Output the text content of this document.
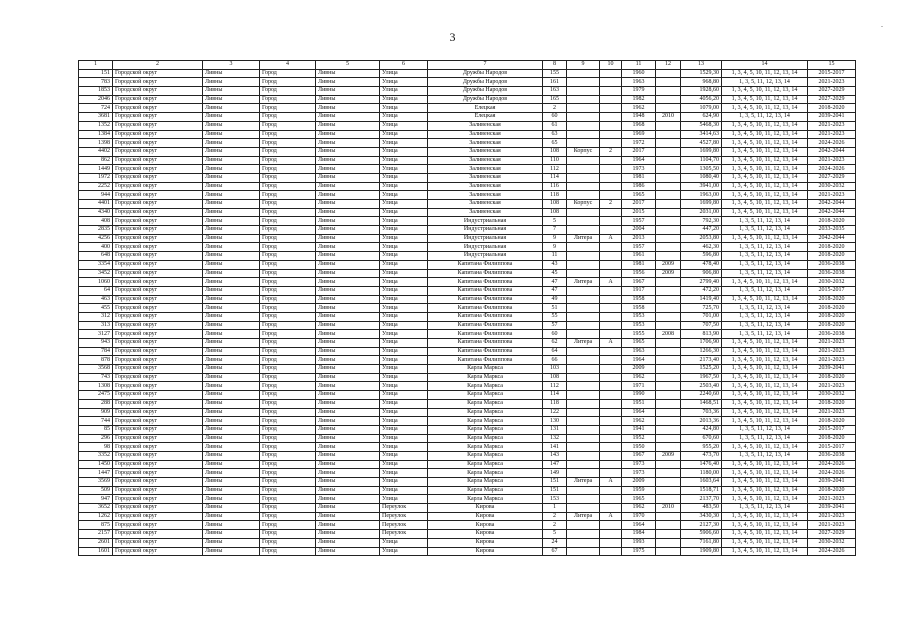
3
.
1	2	3	4	5	6	7	8	9	10	11	12	13	14	15
151	Городской округ	Ливны	Город	Ливны	Улица	Дружбы Народов	155			1960		1529,30	1, 3, 4, 5, 10, 11, 12, 13, 14	2015-2017
783	Городской округ	Ливны	Город	Ливны	Улица	Дружбы Народов	161			1963		968,80	1, 3, 5, 11, 12, 13, 14	2021-2023
1853	Городской округ	Ливны	Город	Ливны	Улица	Дружбы Народов	163			1979		1928,60	1, 3, 4, 5, 10, 11, 12, 13, 14	2027-2029
2046	Городской округ	Ливны	Город	Ливны	Улица	Дружбы Народов	165			1982		4056,20	1, 3, 4, 5, 10, 11, 12, 13, 14	2027-2029
724	Городской округ	Ливны	Город	Ливны	Улица	Елецкая	2			1962		1079,00	1, 3, 4, 5, 10, 11, 12, 13, 14	2018-2020
3681	Городской округ	Ливны	Город	Ливны	Улица	Елецкая	60			1948	2010	624,90	1, 3, 5, 11, 12, 13, 14	2039-2041
1352	Городской округ	Ливны	Город	Ливны	Улица	Заливенская	61			1968		5468,30	1, 3, 4, 5, 10, 11, 12, 13, 14	2021-2023
1384	Городской округ	Ливны	Город	Ливны	Улица	Заливенская	63			1969		3414,63	1, 3, 4, 5, 10, 11, 12, 13, 14	2021-2023
1398	Городской округ	Ливны	Город	Ливны	Улица	Заливенская	65			1972		4527,80	1, 3, 4, 5, 10, 11, 12, 13, 14	2024-2026
4402	Городской округ	Ливны	Город	Ливны	Улица	Заливенская	108	Корпус	2	2017		1699,80	1, 3, 4, 5, 10, 11, 12, 13, 14	2042-2044
862	Городской округ	Ливны	Город	Ливны	Улица	Заливенская	110			1964		1104,70	1, 3, 4, 5, 10, 11, 12, 13, 14	2021-2023
1449	Городской округ	Ливны	Город	Ливны	Улица	Заливенская	112			1973		1305,50	1, 3, 4, 5, 10, 11, 12, 13, 14	2024-2026
1972	Городской округ	Ливны	Город	Ливны	Улица	Заливенская	114			1981		1080,40	1, 3, 4, 5, 10, 11, 12, 13, 14	2027-2029
2252	Городской округ	Ливны	Город	Ливны	Улица	Заливенская	116			1986		3941,00	1, 3, 4, 5, 10, 11, 12, 13, 14	2030-2032
944	Городской округ	Ливны	Город	Ливны	Улица	Заливенская	118			1965		1963,00	1, 3, 4, 5, 10, 11, 12, 13, 14	2021-2023
4401	Городской округ	Ливны	Город	Ливны	Улица	Заливенская	108	Корпус	2	2017		1699,80	1, 3, 4, 5, 10, 11, 12, 13, 14	2042-2044
4340	Городской округ	Ливны	Город	Ливны	Улица	Заливенская	108			2015		2031,00	1, 3, 4, 5, 10, 11, 12, 13, 14	2042-2044
408	Городской округ	Ливны	Город	Ливны	Улица	Индустриальная	5			1957		792,30	1, 3, 5, 11, 12, 13, 14	2018-2020
2835	Городской округ	Ливны	Город	Ливны	Улица	Индустриальная	7			2004		447,20	1, 3, 5, 11, 12, 13, 14	2033-2035
4256	Городской округ	Ливны	Город	Ливны	Улица	Индустриальная	9	Литера	А	2013		2053,80	1, 3, 4, 5, 10, 11, 12, 13, 14	2042-2044
400	Городской округ	Ливны	Город	Ливны	Улица	Индустриальная	9			1957		462,30	1, 3, 5, 11, 12, 13, 14	2018-2020
648	Городской округ	Ливны	Город	Ливны	Улица	Индустриальная	11			1961		596,80	1, 3, 5, 11, 12, 13, 14	2018-2020
3354	Городской округ	Ливны	Город	Ливны	Улица	Капитана Филиппова	43			1981	2009	478,40	1, 3, 5, 11, 12, 13, 14	2036-2038
3452	Городской округ	Ливны	Город	Ливны	Улица	Капитана Филиппова	45			1956	2009	906,80	1, 3, 5, 11, 12, 13, 14	2036-2038
1060	Городской округ	Ливны	Город	Ливны	Улица	Капитана Филиппова	47	Литера	А	1967		2799,40	1, 3, 4, 5, 10, 11, 12, 13, 14	2030-2032
64	Городской округ	Ливны	Город	Ливны	Улица	Капитана Филиппова	47			1917		472,20	1, 3, 5, 11, 12, 13, 14	2015-2017
463	Городской округ	Ливны	Город	Ливны	Улица	Капитана Филиппова	49			1958		1419,40	1, 3, 4, 5, 10, 11, 12, 13, 14	2018-2020
455	Городской округ	Ливны	Город	Ливны	Улица	Капитана Филиппова	51			1958		725,70	1, 3, 5, 11, 12, 13, 14	2018-2020
312	Городской округ	Ливны	Город	Ливны	Улица	Капитана Филиппова	55			1953		701,00	1, 3, 5, 11, 12, 13, 14	2018-2020
313	Городской округ	Ливны	Город	Ливны	Улица	Капитана Филиппова	57			1953		707,50	1, 3, 5, 11, 12, 13, 14	2018-2020
3127	Городской округ	Ливны	Город	Ливны	Улица	Капитана Филиппова	60			1955	2008	813,90	1, 3, 5, 11, 12, 13, 14	2036-2038
943	Городской округ	Ливны	Город	Ливны	Улица	Капитана Филиппова	62	Литера	А	1965		1706,90	1, 3, 4, 5, 10, 11, 12, 13, 14	2021-2023
784	Городской округ	Ливны	Город	Ливны	Улица	Капитана Филиппова	64			1963		1266,30	1, 3, 4, 5, 10, 11, 12, 13, 14	2021-2023
878	Городской округ	Ливны	Город	Ливны	Улица	Капитана Филиппова	66			1964		2173,40	1, 3, 4, 5, 10, 11, 12, 13, 14	2021-2023
3568	Городской округ	Ливны	Город	Ливны	Улица	Карла Маркса	103			2009		1525,20	1, 3, 4, 5, 10, 11, 12, 13, 14	2039-2041
743	Городской округ	Ливны	Город	Ливны	Улица	Карла Маркса	108			1962		1967,50	1, 3, 4, 5, 10, 11, 12, 13, 14	2018-2020
1308	Городской округ	Ливны	Город	Ливны	Улица	Карла Маркса	112			1971		2503,40	1, 3, 4, 5, 10, 11, 12, 13, 14	2021-2023
2475	Городской округ	Ливны	Город	Ливны	Улица	Карла Маркса	114			1990		2240,60	1, 3, 4, 5, 10, 11, 12, 13, 14	2030-2032
288	Городской округ	Ливны	Город	Ливны	Улица	Карла Маркса	118			1951		1468,51	1, 3, 4, 5, 10, 11, 12, 13, 14	2018-2020
909	Городской округ	Ливны	Город	Ливны	Улица	Карла Маркса	122			1964		703,36	1, 3, 4, 5, 10, 11, 12, 13, 14	2021-2023
744	Городской округ	Ливны	Город	Ливны	Улица	Карла Маркса	130			1962		2013,36	1, 3, 4, 5, 10, 11, 12, 13, 14	2018-2020
85	Городской округ	Ливны	Город	Ливны	Улица	Карла Маркса	131			1941		424,80	1, 3, 5, 11, 12, 13, 14	2015-2017
296	Городской округ	Ливны	Город	Ливны	Улица	Карла Маркса	132			1952		670,60	1, 3, 5, 11, 12, 13, 14	2018-2020
98	Городской округ	Ливны	Город	Ливны	Улица	Карла Маркса	141			1950		955,20	1, 3, 4, 5, 10, 11, 12, 13, 14	2015-2017
3352	Городской округ	Ливны	Город	Ливны	Улица	Карла Маркса	143			1967	2009	473,70	1, 3, 5, 11, 12, 13, 14	2036-2038
1450	Городской округ	Ливны	Город	Ливны	Улица	Карла Маркса	147			1973		1476,40	1, 3, 4, 5, 10, 11, 12, 13, 14	2024-2026
1447	Городской округ	Ливны	Город	Ливны	Улица	Карла Маркса	149			1973		1180,00	1, 3, 4, 5, 10, 11, 12, 13, 14	2024-2026
3569	Городской округ	Ливны	Город	Ливны	Улица	Карла Маркса	151	Литера	А	2009		1603,64	1, 3, 4, 5, 10, 11, 12, 13, 14	2039-2041
509	Городской округ	Ливны	Город	Ливны	Улица	Карла Маркса	151			1959		1518,71	1, 3, 4, 5, 10, 11, 12, 13, 14	2018-2020
947	Городской округ	Ливны	Город	Ливны	Улица	Карла Маркса	153			1965		2137,70	1, 3, 4, 5, 10, 11, 12, 13, 14	2021-2023
3652	Городской округ	Ливны	Город	Ливны	Переулок	Кирова	1			1962	2010	483,50	1, 3, 5, 11, 12, 13, 14	2039-2041
1262	Городской округ	Ливны	Город	Ливны	Переулок	Кирова	2	Литера	А	1970		3430,30	1, 3, 4, 5, 10, 11, 12, 13, 14	2021-2023
875	Городской округ	Ливны	Город	Ливны	Переулок	Кирова	2			1964		2127,30	1, 3, 4, 5, 10, 11, 12, 13, 14	2021-2023
2157	Городской округ	Ливны	Город	Ливны	Переулок	Кирова	5			1984		5906,60	1, 3, 4, 5, 10, 11, 12, 13, 14	2027-2029
2601	Городской округ	Ливны	Город	Ливны	Улица	Кирова	24			1993		7161,80	1, 3, 4, 5, 10, 11, 12, 13, 14	2030-2032
1601	Городской округ	Ливны	Город	Ливны	Улица	Кирова	67			1975		1909,80	1, 3, 4, 5, 10, 11, 12, 13, 14	2024-2026
